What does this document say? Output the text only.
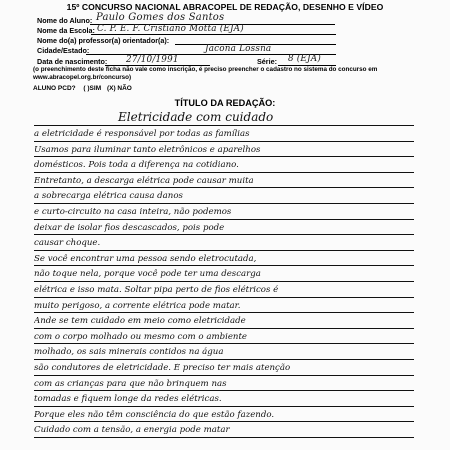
15º CONCURSO NACIONAL ABRACOPEL DE REDAÇÃO, DESENHO E VÍDEO
Nome do Aluno: Paulo Gomes dos Santos
Nome da Escola: C. P. E. F. Cristiano Motta (EJA)
Nome do(a) professor(a) orientador(a):
Cidade/Estado:	Jacona Lossna
Data de nascimento: 27/10/1991	Série: 8 (EJA)
(o preenchimento deste ficha não vale como inscrição, é preciso preencher o cadastro no sistema do concurso em
www.abracopel.org.br/concurso)
ALUNO PCD? ( )SIM (X) NÃO
TÍTULO DA REDAÇÃO:
Eletricidade com cuidado
a eletricidade é responsável por todas as famílias
Usamos para iluminar tanto eletrônicos e aparelhos
domésticos. Pois toda a diferença na cotidiano.
Entretanto, a descarga elétrica pode causar muita
a sobrecarga elétrica causa danos
e curto-circuito na casa inteira, não podemos
deixar de isolar fios descascados, pois pode
causar choque.
Se você encontrar uma pessoa sendo eletrocutada,
não toque nela, porque você pode ter uma descarga
elétrica e isso mata. Soltar pipa perto de fios elétricos é
muito perigoso, a corrente elétrica pode matar.
Ande se tem cuidado em meio como eletricidade
com o corpo molhado ou mesmo com o ambiente
molhado, os sais minerais contidos na água
são condutores de eletricidade. É preciso ter mais atenção
com as crianças para que não brinquem nas
tomadas e fiquem longe da redes elétricas.
Porque eles não têm consciência do que estão fazendo.
Cuidado com a tensão, a energia pode matar
